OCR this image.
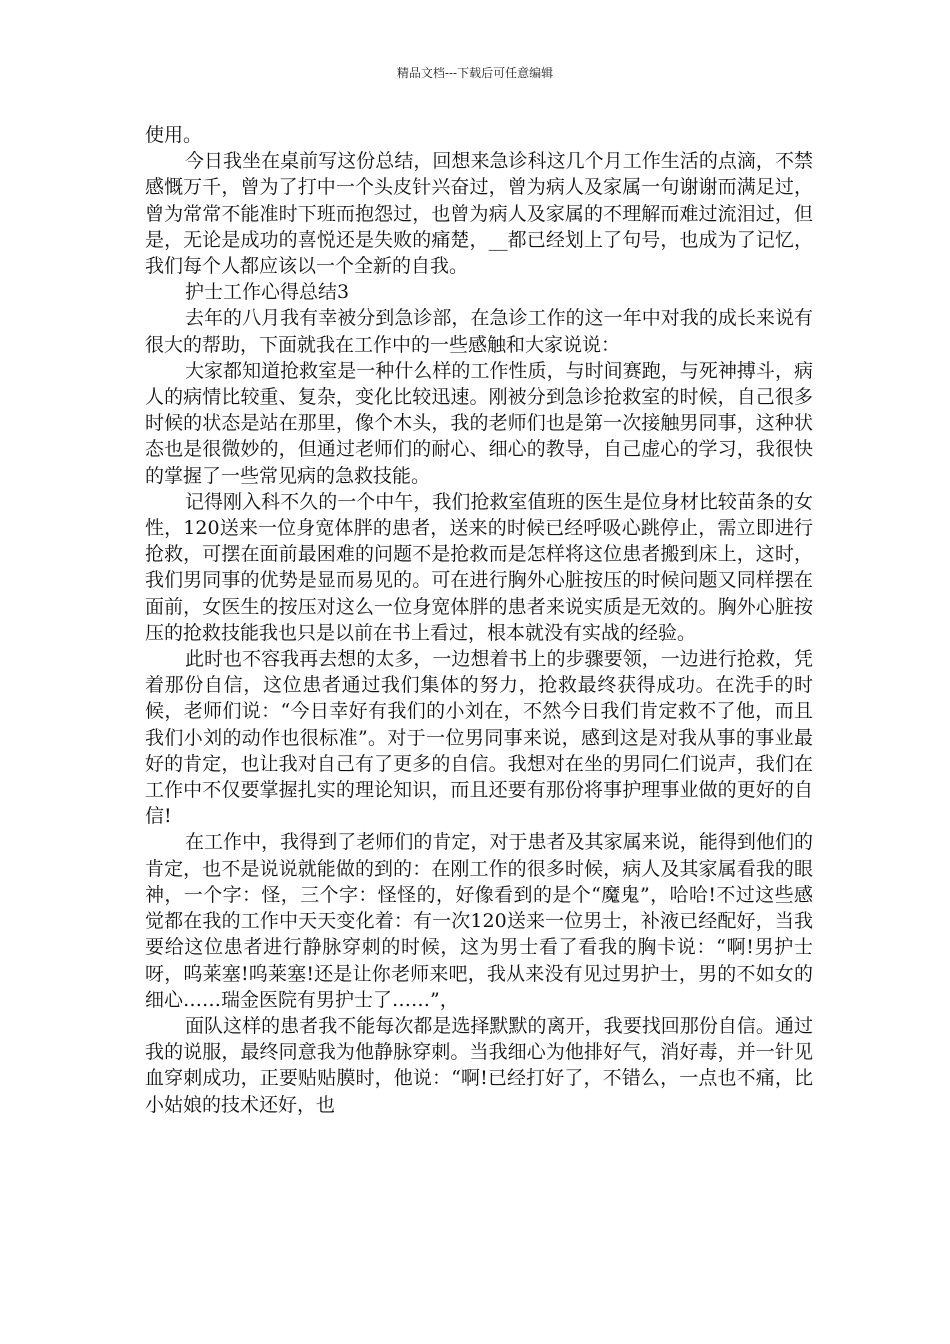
精品文档---下载后可任意编辑

使用。

今日我坐在桌前写这份总结，回想来急诊科这几个月工作生活的点滴，不禁感慨万千，曾为了打中一个头皮针兴奋过，曾为病人及家属一句谢谢而满足过，曾为常常不能准时下班而抱怨过，也曾为病人及家属的不理解而难过流泪过，但是，无论是成功的喜悦还是失败的痛楚，__都已经划上了句号，也成为了记忆，我们每个人都应该以一个全新的自我。

护士工作心得总结3

去年的八月我有幸被分到急诊部，在急诊工作的这一年中对我的成长来说有很大的帮助，下面就我在工作中的一些感触和大家说说：

大家都知道抢救室是一种什么样的工作性质，与时间赛跑，与死神搏斗，病人的病情比较重、复杂，变化比较迅速。刚被分到急诊抢救室的时候，自己很多时候的状态是站在那里，像个木头，我的老师们也是第一次接触男同事，这种状态也是很微妙的，但通过老师们的耐心、细心的教导，自己虚心的学习，我很快的掌握了一些常见病的急救技能。

记得刚入科不久的一个中午，我们抢救室值班的医生是位身材比较苗条的女性，120送来一位身宽体胖的患者，送来的时候已经呼吸心跳停止，需立即进行抢救，可摆在面前最困难的问题不是抢救而是怎样将这位患者搬到床上，这时，我们男同事的优势是显而易见的。可在进行胸外心脏按压的时候问题又同样摆在面前，女医生的按压对这么一位身宽体胖的患者来说实质是无效的。胸外心脏按压的抢救技能我也只是以前在书上看过，根本就没有实战的经验。

此时也不容我再去想的太多，一边想着书上的步骤要领，一边进行抢救，凭着那份自信，这位患者通过我们集体的努力，抢救最终获得成功。在洗手的时候，老师们说：“今日幸好有我们的小刘在，不然今日我们肯定救不了他，而且我们小刘的动作也很标准”。对于一位男同事来说，感到这是对我从事的事业最好的肯定，也让我对自己有了更多的自信。我想对在坐的男同仁们说声，我们在工作中不仅要掌握扎实的理论知识，而且还要有那份将事护理事业做的更好的自信!

在工作中，我得到了老师们的肯定，对于患者及其家属来说，能得到他们的肯定，也不是说说就能做的到的：在刚工作的很多时候，病人及其家属看我的眼神，一个字：怪，三个字：怪怪的，好像看到的是个“魔鬼”，哈哈!不过这些感觉都在我的工作中天天变化着：有一次120送来一位男士，补液已经配好，当我要给这位患者进行静脉穿刺的时候，这为男士看了看我的胸卡说：“啊!男护士呀，呜莱塞!呜莱塞!还是让你老师来吧，我从来没有见过男护士，男的不如女的细心……瑞金医院有男护士了……”，

面队这样的患者我不能每次都是选择默默的离开，我要找回那份自信。通过我的说服，最终同意我为他静脉穿刺。当我细心为他排好气，消好毒，并一针见血穿刺成功，正要贴贴膜时，他说：“啊!已经打好了，不错么，一点也不痛，比小姑娘的技术还好，也
